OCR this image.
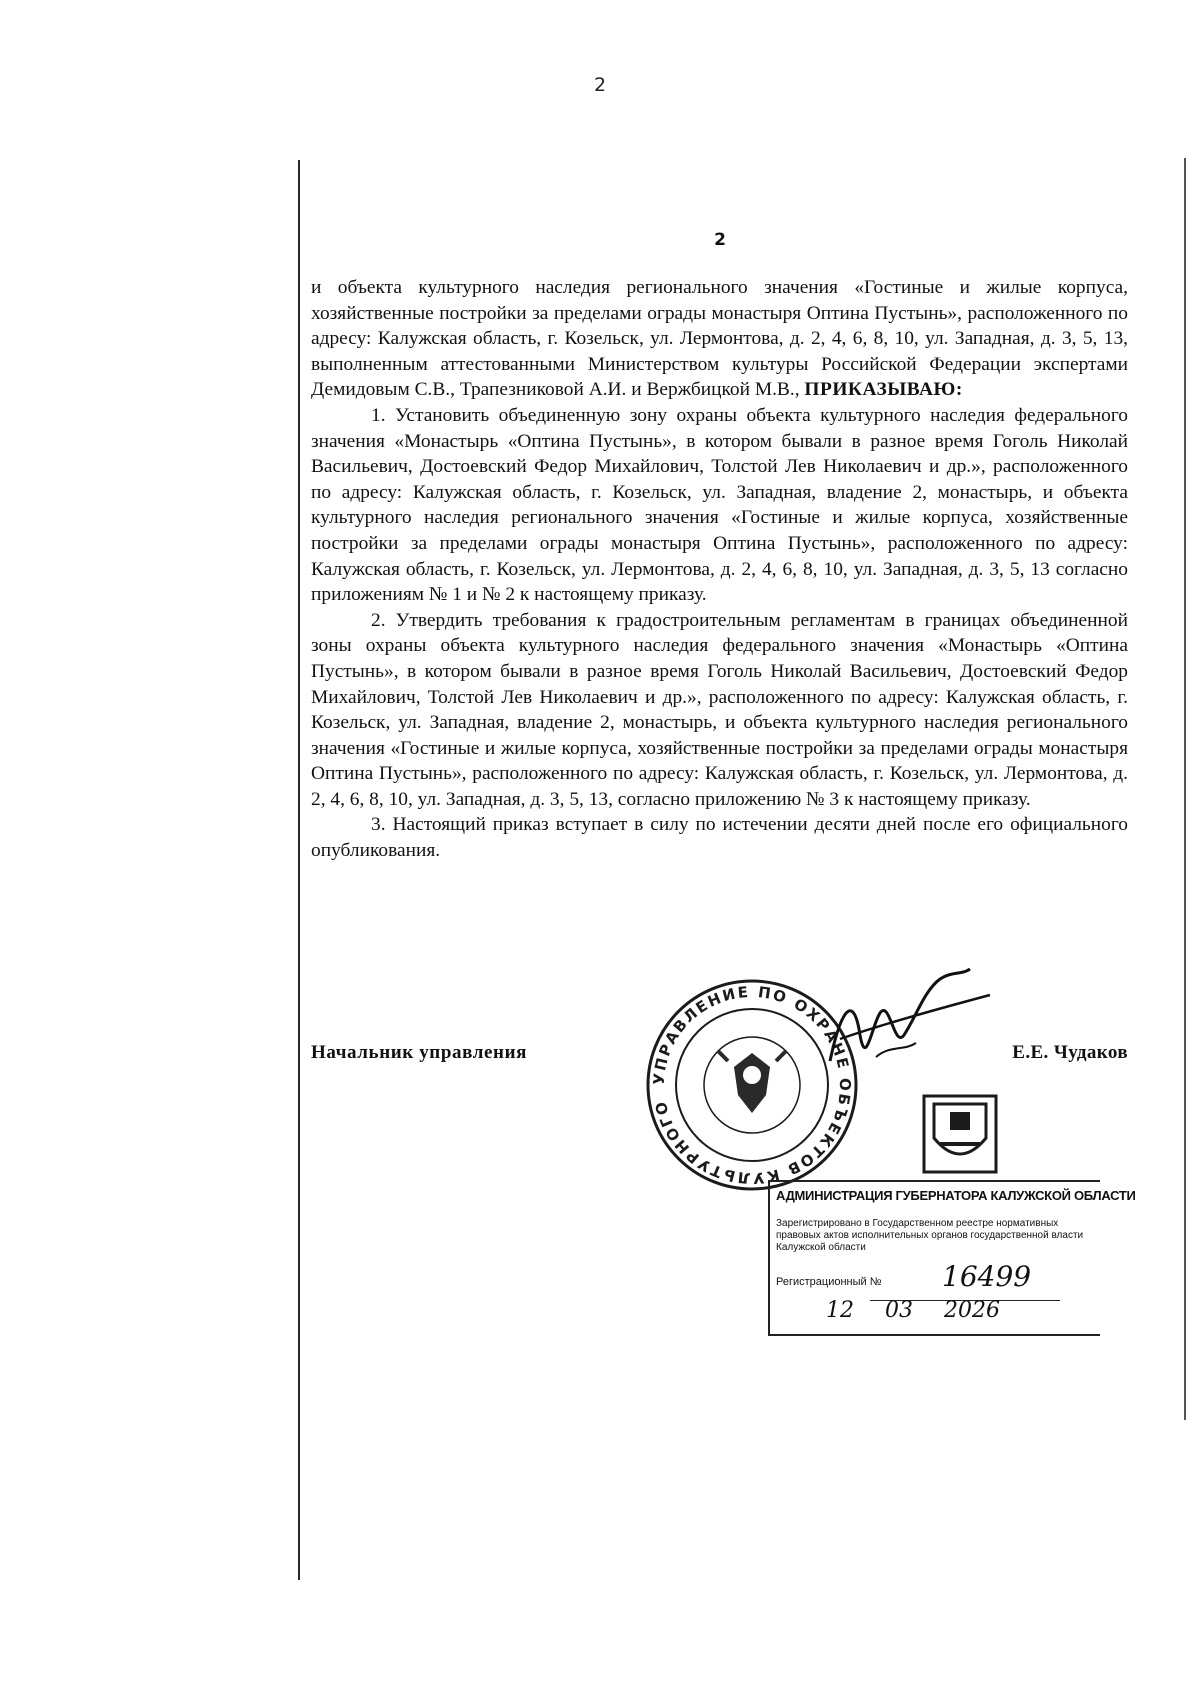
2
2

и объекта культурного наследия регионального значения «Гостиные и жилые корпуса, хозяйственные постройки за пределами ограды монастыря Оптина Пустынь», расположенного по адресу: Калужская область, г. Козельск, ул. Лермонтова, д. 2, 4, 6, 8, 10, ул. Западная, д. 3, 5, 13, выполненным аттестованными Министерством культуры Российской Федерации экспертами Демидовым С.В., Трапезниковой А.И. и Вержбицкой М.В., ПРИКАЗЫВАЮ:

1. Установить объединенную зону охраны объекта культурного наследия федерального значения «Монастырь «Оптина Пустынь», в котором бывали в разное время Гоголь Николай Васильевич, Достоевский Федор Михайлович, Толстой Лев Николаевич и др.», расположенного по адресу: Калужская область, г. Козельск, ул. Западная, владение 2, монастырь, и объекта культурного наследия регионального значения «Гостиные и жилые корпуса, хозяйственные постройки за пределами ограды монастыря Оптина Пустынь», расположенного по адресу: Калужская область, г. Козельск, ул. Лермонтова, д. 2, 4, 6, 8, 10, ул. Западная, д. 3, 5, 13 согласно приложениям № 1 и № 2 к настоящему приказу.

2. Утвердить требования к градостроительным регламентам в границах объединенной зоны охраны объекта культурного наследия федерального значения «Монастырь «Оптина Пустынь», в котором бывали в разное время Гоголь Николай Васильевич, Достоевский Федор Михайлович, Толстой Лев Николаевич и др.», расположенного по адресу: Калужская область, г. Козельск, ул. Западная, владение 2, монастырь, и объекта культурного наследия регионального значения «Гостиные и жилые корпуса, хозяйственные постройки за пределами ограды монастыря Оптина Пустынь», расположенного по адресу: Калужская область, г. Козельск, ул. Лермонтова, д. 2, 4, 6, 8, 10, ул. Западная, д. 3, 5, 13, согласно приложению № 3 к настоящему приказу.

3. Настоящий приказ вступает в силу по истечении десяти дней после его официального опубликования.

УПРАВЛЕНИЕ ПО ОХРАНЕ ОБЪЕКТОВ КУЛЬТУРНОГО
Начальник управления	Е.Е. Чудаков
АДМИНИСТРАЦИЯ ГУБЕРНАТОРА КАЛУЖСКОЙ ОБЛАСТИ
Зарегистрировано в Государственном реестре нормативных правовых актов исполнительных органов государственной власти Калужской области
Регистрационный № 16499
12 03 2026
